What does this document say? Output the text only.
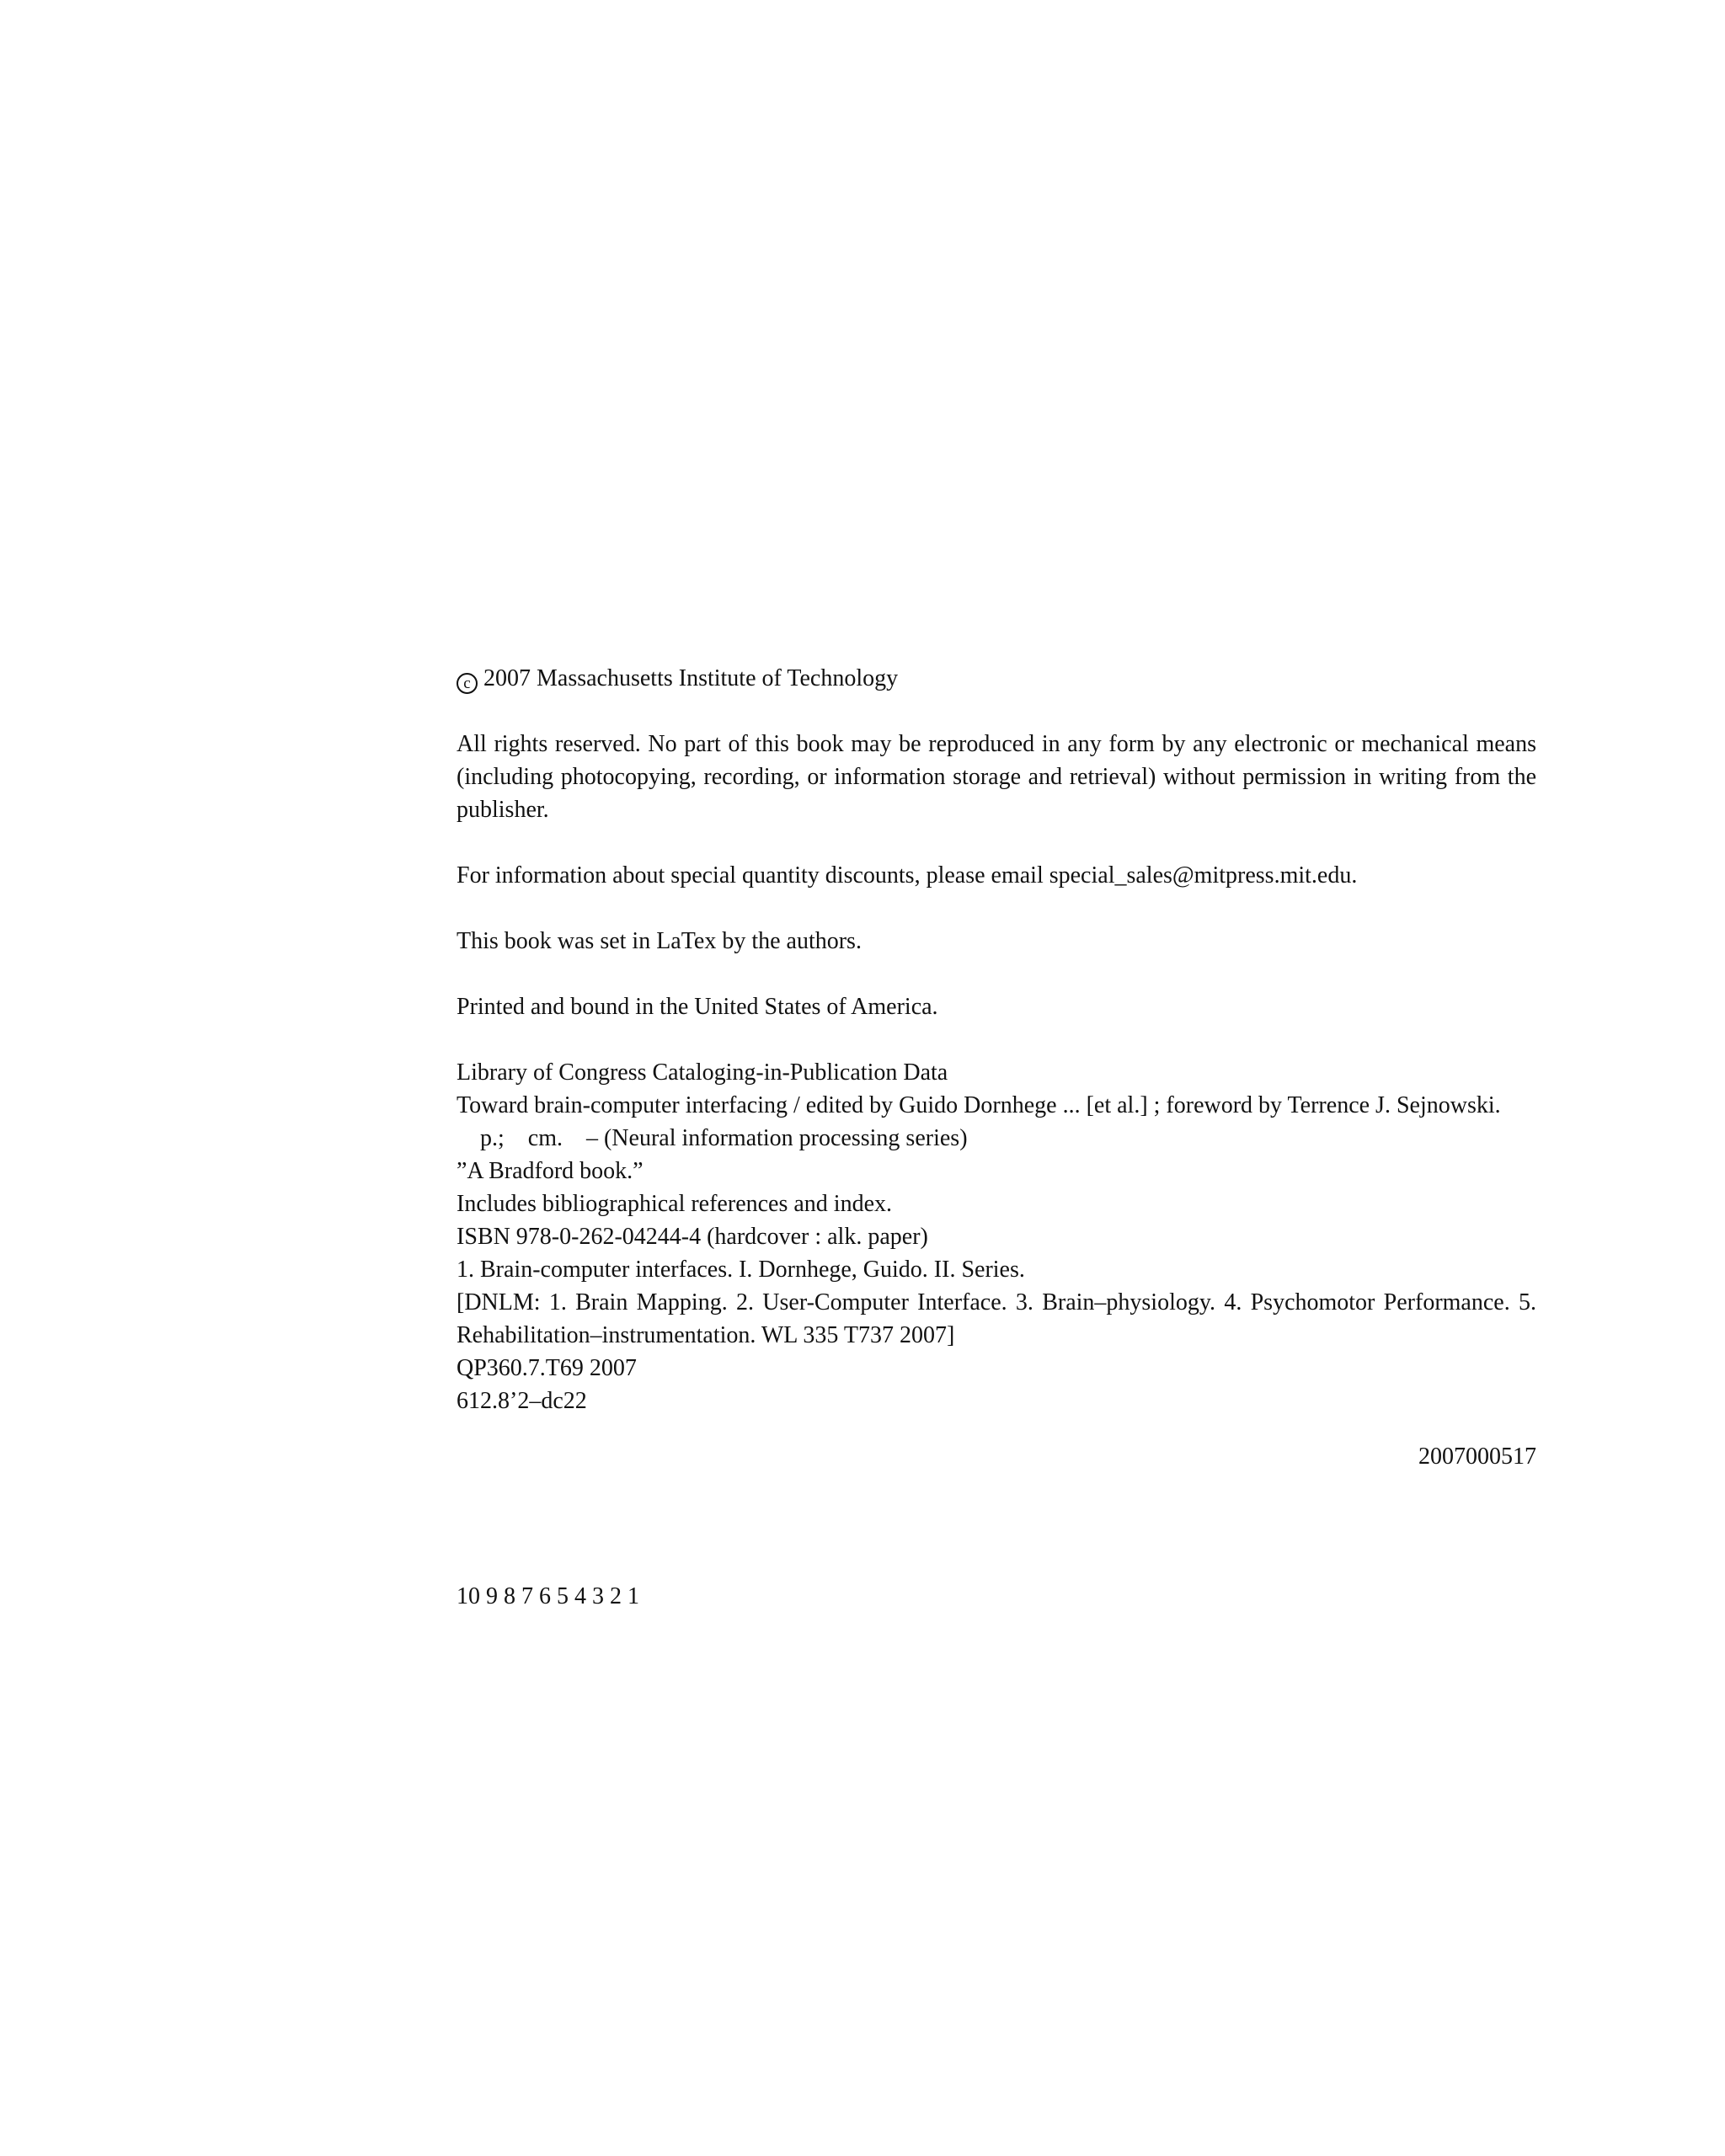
c 2007 Massachusetts Institute of Technology

All rights reserved. No part of this book may be reproduced in any form by any electronic or mechanical means (including photocopying, recording, or information storage and retrieval) without permission in writing from the publisher.

For information about special quantity discounts, please email special_sales@mitpress.mit.edu.

This book was set in LaTex by the authors.

Printed and bound in the United States of America.

Library of Congress Cataloging-in-Publication Data

Toward brain-computer interfacing / edited by Guido Dornhege ... [et al.] ; foreword by Terrence J. Sejnowski.

p.;    cm.    – (Neural information processing series)

”A Bradford book.”

Includes bibliographical references and index.

ISBN 978-0-262-04244-4 (hardcover : alk. paper)

1. Brain-computer interfaces. I. Dornhege, Guido. II. Series.

[DNLM: 1. Brain Mapping. 2. User-Computer Interface. 3. Brain–physiology. 4. Psychomotor Performance. 5. Rehabilitation–instrumentation. WL 335 T737 2007]

QP360.7.T69 2007

612.8’2–dc22

2007000517

10 9 8 7 6 5 4 3 2 1
